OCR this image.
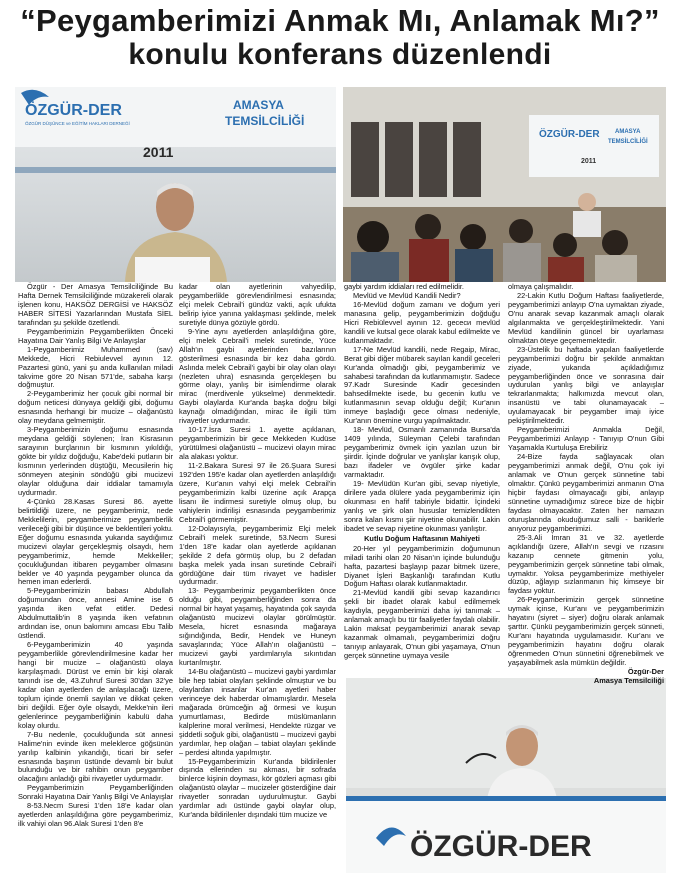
“Peygamberimizi Anmak Mı, Anlamak Mı?”
konulu konferans düzenlendi
ÖZGÜR-DER
ÖZGÜR DÜŞÜNCE ve EĞİTİM HAKLARI DERNEĞİ
AMASYA
TEMSİLCİLİĞİ
2011
ÖZGÜR-DER	AMASYA
TEMSİLCİLİĞİ
2011
ÖZGÜR-DER

Özgür - Der Amasya Temsilciliğinde Bu Hafta Dernek Temsilciliğinde müzakereli olarak işlenen konu, HAKSÖZ DERGİSİ ve HAKSÖZ HABER SİTESİ Yazarlarından Mustafa SİEL tarafından şu şekilde özetlendi.

Peygamberimizin Peygamberlikten Önceki Hayatına Dair Yanlış Bilgi Ve Anlayışlar

1-Peygamberimiz Muhammed (sav) Mekkede, Hicri Rebiulevvel ayının 12. Pazartesi günü, yani şu anda kullanılan miladi takvime göre 20 Nisan 571'de, sabaha karşı doğmuştur.

2-Peygamberimiz her çocuk gibi normal bir doğum neticesi dünyaya geldiği gibi, doğumu esnasında herhangi bir mucize – olağanüstü olay meydana gelmemiştir.

3-Peygamberimizin doğumu esnasında meydana geldiği söylenen; İran Kisrasının sarayının burçlarının bir kısmının yıkıldığı, gökte bir yıldız doğduğu, Kabe'deki putların bir kısmının yerlerinden düştüğü, Mecusilerin hiç sönmeyen ateşinin söndüğü gibi mucizevi olaylar olduğuna dair iddialar tamamıyla uydurmadır.

4-Çünkü 28.Kasas Suresi 86. ayette belirtildiği üzere, ne peygamberimiz, nede Mekkelilerin, peygamberimize peygamberlik verileceği gibi bir düşünce ve beklentileri yoktu. Eğer doğumu esnasında yukarıda saydığımız mucizevi olaylar gerçekleşmiş olsaydı, hem peygamberimiz, hemde Mekkeliler; çocukluğundan itibaren peygamber olmasını bekler ve 40 yaşında peygamber olunca da hemen iman ederlerdi.

5-Peygamberimizin babası Abdullah doğumundan önce, annesi Amine ise 6 yaşında iken vefat etitler. Dedesi Abdulmuttalib'in 8 yaşında iken vefatının ardından ise, onun bakımını amcası Ebu Talib üstlendi.

6-Peygamberimizin 40 yaşında peygamberlikle görevlendirilmesine kadar her hangi bir mucize – olağanüstü olaya karşılaşmadı. Dürüst ve emin bir kişi olarak tanındı ise de, 43.Zuhruf Suresi 30'dan 32'ye kadar olan ayetlerden de anlaşılacağı üzere, toplum içinde önemli sayılan ve dikkat çeken biri değildi. Eğer öyle olsaydı, Mekke'nin ileri gelenlerince peygamberliğinin kabulü daha kolay olurdu.

7-Bu nedenle, çocukluğunda süt annesi Halime'nin evinde iken meleklerce göğsünün yarılıp kalbinin yıkandığı, ticari bir sefer esnasında başının üstünde devamlı bir bulut bulunduğu ve bir rahibin onun peygamber olacağını anladığı gibi rivayetler uydurmadır.

Peygamberimizin Peygamberliğinden Sonraki Hayatına Dair Yanlış Bilgi Ve Anlayışlar

8-53.Necm Suresi 1'den 18'e kadar olan ayetlerden anlaşıldığına göre peygamberimiz, ilk vahiyi olan 96.Alak Suresi 1'den 8'e

kadar olan ayetlerinin vahyedilip, peygamberlikle görevlendirilmesi esnasında; elçi melek Cebrail'i gündüz vakti, açık ufukta belirip iyice yanına yaklaşması şeklinde, melek suretiyle dünya gözüyle gördü.

9-Yine aynı ayetlerden anlaşıldığına göre, elçi melek Cebrail'i melek suretinde, Yüce Allah'ın gaybi ayetlerinden bazılarının gösterilmesi esnasında bir kez daha gördü. Aslında melek Cebrail'i gaybi bir olay olan olayı (nezleten uhra) esnasında gerçekleşen bu görme olayı, yanlış bir isimlendirme olarak mirac (merdivenle yükselme) denmektedir. Gaybi olaylarda Kur'anda başka doğru bilgi kaynağı olmadığından, mirac ile ilgili tüm rivayetler uydurmadır.

10-17.İsra Suresi 1. ayette açıklanan, peygamberimizin bir gece Mekkeden Kudüse yürütülmesi olağanüstü – mucizevi olayın mirac ala alakası yoktur.

11-2.Bakara Suresi 97 ile 26.Şuara Suresi 192'den 195'e kadar olan ayetlerden anlaşıldığı üzere, Kur'anın vahyi elçi melek Cebrail'in peygamberimizin kalbi üzerine açık Arapça lisanı ile indirmesi suretiyle olmuş olup, bu vahiylerin indirilişi esnasında peygamberimiz Cebrail'i görmemiştir.

12-Dolayısıyla, peygamberimiz Elçi melek Cebrail'i melek suretinde, 53.Necm Suresi 1'den 18'e kadar olan ayetlerde açıklanan şekilde 2 defa görmüş olup, bu 2 defadan başka melek yada insan suretinde Cebrail'i gördüğüne dair tüm rivayet ve hadisler uydurmadır.

13- Peygamberimiz peygamberlikten önce olduğu gibi, peygamberliğinden sonra da normal bir hayat yaşamış, hayatında çok sayıda olağanüstü mucizevi olaylar görülmüştür. Mesela, hicret esnasında mağaraya sığındığında, Bedir, Hendek ve Huneyn savaşlarında; Yüce Allah'ın olağanüstü – mucizevi gaybi yardımlarıyla sıkıntıdan kurtarılmıştır.

14-Bu olağanüstü – mucizevi gaybi yardımlar bile hep tabiat olayları şeklinde olmuştur ve bu olaylardan insanlar Kur'an ayetleri haber verinceye dek haberdar olmamışlardır. Mesela mağarada örümceğin ağ örmesi ve kuşun yumurtlaması, Bedirde müslümanların kalplerine moral verilmesi, Hendekte rüzgar ve şiddetli soğuk gibi, olağanüstü – mucizevi gaybi yardımlar, hep olağan – tabiat olayları şeklinde – perdesi altında yapılmıştır.

15-Peygamberimizin Kur'anda bildirilenler dışında ellerinden su akması, bir sofrada binlerce kişinin doyması, kör gözleri açması gibi olağanüstü olaylar – mucizeler gösterdiğine dair rivayetler sonradan uydurulmuştur. Gaybi yardımlar adı üstünde gaybi olaylar olup, Kur'anda bildirilenler dışındaki tüm mucize ve

gaybi yardım iddiaları red edilmelidir.

Mevlüd ve Mevlüd Kandili Nedir?

16-Mevlüd doğum zamanı ve doğum yeri manasına gelip, peygamberimizin doğduğu Hicri Rebiülevvel ayının 12. geceси mevlüd kandili ve kutsal gece olarak kabul edilmekte ve kutlanmaktadır.

17-Ne Mevlüd kandili, nede Regaip, Mirac, Berat gibi diğer mübarek sayılan kandil geceleri Kur'anda olmadığı gibi, peygamberimiz ve sahabesi tarafından da kutlanmamıştır. Sadece 97.Kadr Suresinde Kadir gecesinden bahsedilmekte isede, bu gecenin kutlu ve kutlanmasının sevap olduğu değil; Kur'anın inmeye başladığı gece olması nedeniyle, Kur'anın önemine vurgu yapılmaktadır.

18- Mevlüd, Osmanlı zamanında Bursa'da 1409 yılında, Süleyman Çelebi tarafından peygamberimiz övmek için yazılan uzun bir şiirdir. İçinde doğrular ve yanlışlar karışık olup, bazı ifadeler ve övgüler şirke kadar varmaktadır.

19- Mevlüdün Kur'an gibi, sevap niyetiyle, dirilere yada ölülere yada peygamberimiz için okunması en hafif tabiriyle bidattir. İçindeki yanlış ve şirk olan hususlar temizlendikten sonra kalan kısmı şiir niyetine okunabilir. Lakin ibadet ve sevap niyetine okunması yanlıştır.

Kutlu Doğum Haftasının Mahiyeti

20-Her yıl peygamberimizin doğumunun miladi tarihi olan 20 Nisan'ın içinde bulunduğu hafta, pazartesi başlayıp pazar bitmek üzere, Diyanet İşleri Başkanlığı tarafından Kutlu Doğum Haftası olarak kutlanmaktadır.

21-Mevlüd kandili gibi sevap kazandırıcı şekli bir ibadet olarak kabul edilmemek kaydıyla, peygamberimizi daha iyi tanımak – anlamak amaçlı bu tür faaliyetler faydalı olabilir. Lakin maksat peygamberimizi anarak sevap kazanmak olmamalı, peygamberimizi doğru tanıyıp anlayarak, O'nun gibi yaşamaya, O'nun gerçek sünnetine uymaya vesile

olmaya çalışmalıdır.

22-Lakin Kutlu Doğum Haftası faaliyetlerde, peygamberimizi anlayıp O'na uymaktan ziyade, O'nu anarak sevap kazanmak amaçlı olarak algılanmakta ve gerçekleştirilmektedir. Yani Mevlüd kandilinin güncel bir uyarlaması olmaktan öteye geçememektedir.

23-Üstelik bu haftada yapılan faaliyetlerde peygamberimizi doğru bir şekilde anmaktan ziyade, yukarıda açıkladığımız peygamberliğinden önce ve sonrasına dair uydurulan yanlış bilgi ve anlayışlar tekrarlanmakta; halkımızda mevcut olan, insanüstü ve tabi olunamayacak – uyulamayacak bir peygamber imajı iyice pekiştirilmektedir.

Peygamberimizi Anmakla Değil, Peygamberimizi Anlayıp - Tanıyıp O'nun Gibi Yaşamakla Kurtuluşa Erebiliriz

24-Bize fayda sağlayacak olan peygamberimizi anmak değil, O'nu çok iyi anlamak ve O'nun gerçek sünnetine tabi olmaktır. Çünkü peygamberimizi anmanın O'na hiçbir faydası olmayacağı gibi, anlayıp sünnetine uymadığımız sürece bize de hiçbir faydası olmayacaktır. Zaten her namazın oturuşlarında okuduğumuz salli - bariklerle anıyoruz peygamberimizi.

25-3.Ali İmran 31 ve 32. ayetlerde açıklandığı üzere, Allah'ın sevgi ve rızasını kazanıp cennete gitmenin yolu, peygamberimizin gerçek sünnetine tabi olmak, uymaktır. Yoksa peygamberimize methiyeler düzüp, ağlayıp sızlanmanın hiç kimseye bir faydası yoktur.

26-Peygamberimizin gerçek sünnetine uymak içinse, Kur'anı ve peygamberimizin hayatını (siyret – siyer) doğru olarak anlamak şarttır. Çünkü peygamberimizin gerçek sünneti, Kur'anı hayatında uygulamasıdır. Kur'anı ve peygamberimizin hayatını doğru olarak öğrenmeden O'nun sünnetini öğrenebilmek ve yaşayabilmek asla mümkün değildir.

Özgür-Der

Amasya Temsilciliği
